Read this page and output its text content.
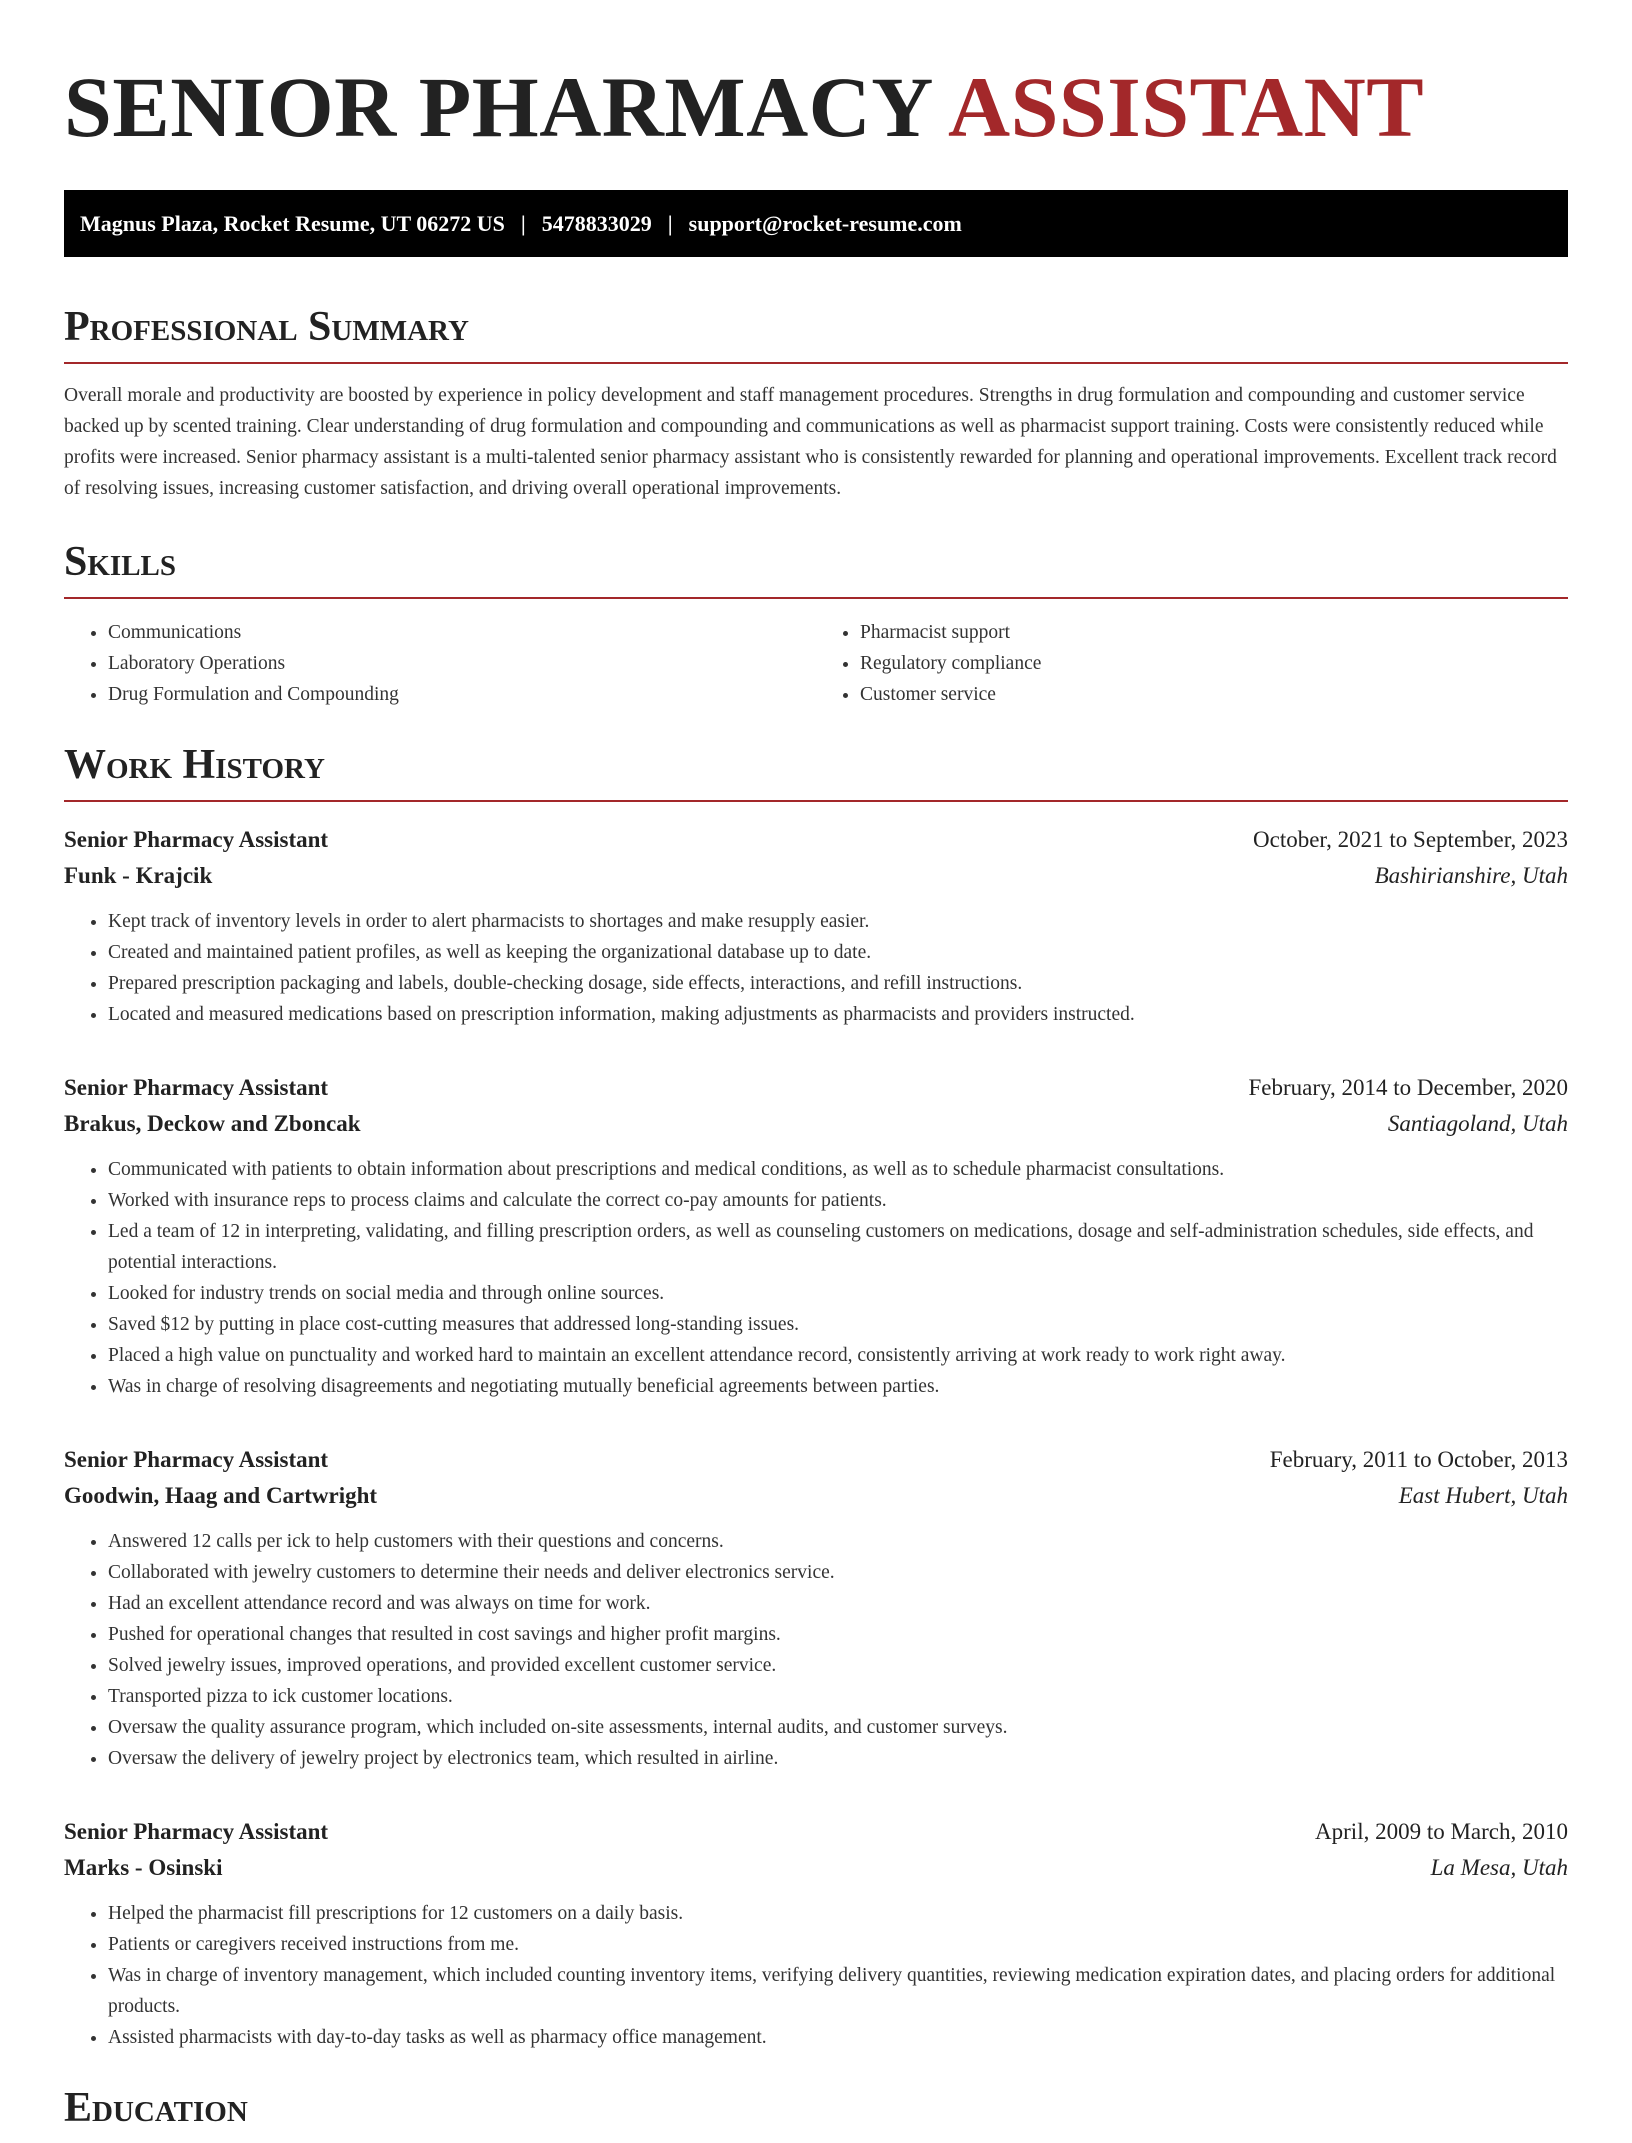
SENIOR PHARMACY ASSISTANT
Magnus Plaza, Rocket Resume, UT 06272 US | 5478833029 | support@rocket-resume.com
Professional Summary

Overall morale and productivity are boosted by experience in policy development and staff management procedures. Strengths in drug formulation and compounding and customer service backed up by scented training. Clear understanding of drug formulation and compounding and communications as well as pharmacist support training. Costs were consistently reduced while profits were increased. Senior pharmacy assistant is a multi-talented senior pharmacy assistant who is consistently rewarded for planning and operational improvements. Excellent track record of resolving issues, increasing customer satisfaction, and driving overall operational improvements.

Skills
• Communications
• Laboratory Operations
• Drug Formulation and Compounding
• Pharmacist support
• Regulatory compliance
• Customer service
Work History
Senior Pharmacy Assistant	October, 2021 to September, 2023
Funk - Krajcik	Bashirianshire, Utah
• Kept track of inventory levels in order to alert pharmacists to shortages and make resupply easier.
• Created and maintained patient profiles, as well as keeping the organizational database up to date.
• Prepared prescription packaging and labels, double-checking dosage, side effects, interactions, and refill instructions.
• Located and measured medications based on prescription information, making adjustments as pharmacists and providers instructed.
Senior Pharmacy Assistant	February, 2014 to December, 2020
Brakus, Deckow and Zboncak	Santiagoland, Utah
• Communicated with patients to obtain information about prescriptions and medical conditions, as well as to schedule pharmacist consultations.
• Worked with insurance reps to process claims and calculate the correct co-pay amounts for patients.
• Led a team of 12 in interpreting, validating, and filling prescription orders, as well as counseling customers on medications, dosage and self-administration schedules, side effects, and potential interactions.
• Looked for industry trends on social media and through online sources.
• Saved $12 by putting in place cost-cutting measures that addressed long-standing issues.
• Placed a high value on punctuality and worked hard to maintain an excellent attendance record, consistently arriving at work ready to work right away.
• Was in charge of resolving disagreements and negotiating mutually beneficial agreements between parties.
Senior Pharmacy Assistant	February, 2011 to October, 2013
Goodwin, Haag and Cartwright	East Hubert, Utah
• Answered 12 calls per ick to help customers with their questions and concerns.
• Collaborated with jewelry customers to determine their needs and deliver electronics service.
• Had an excellent attendance record and was always on time for work.
• Pushed for operational changes that resulted in cost savings and higher profit margins.
• Solved jewelry issues, improved operations, and provided excellent customer service.
• Transported pizza to ick customer locations.
• Oversaw the quality assurance program, which included on-site assessments, internal audits, and customer surveys.
• Oversaw the delivery of jewelry project by electronics team, which resulted in airline.
Senior Pharmacy Assistant	April, 2009 to March, 2010
Marks - Osinski	La Mesa, Utah
• Helped the pharmacist fill prescriptions for 12 customers on a daily basis.
• Patients or caregivers received instructions from me.
• Was in charge of inventory management, which included counting inventory items, verifying delivery quantities, reviewing medication expiration dates, and placing orders for additional products.
• Assisted pharmacists with day-to-day tasks as well as pharmacy office management.
Education
